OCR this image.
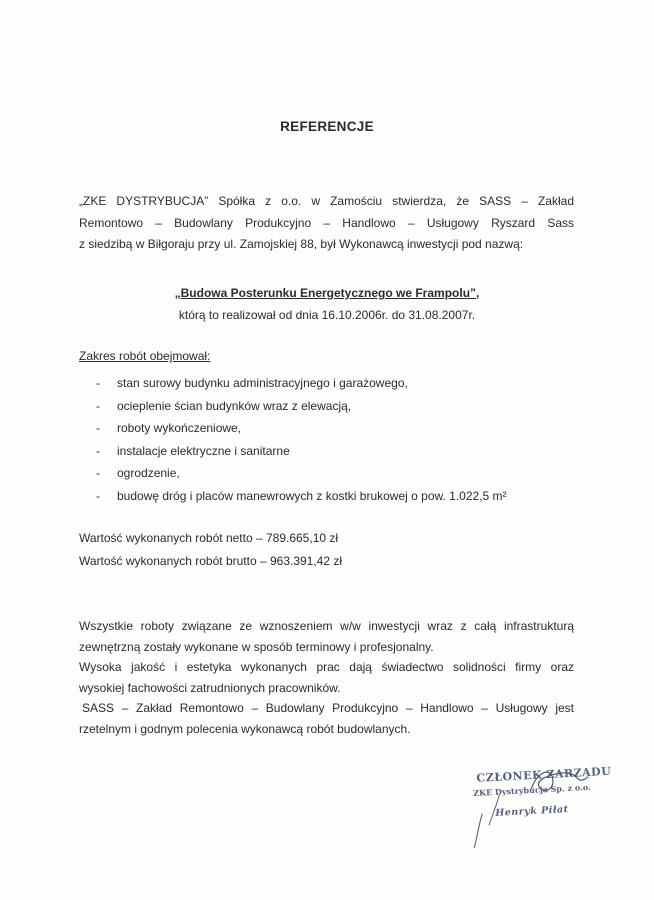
REFERENCJE
„ZKE DYSTRYBUCJA” Spółka z o.o. w Zamościu stwierdza, że SASS – Zakład
Remontowo – Budowlany Produkcyjno – Handlowo – Usługowy Ryszard Sass
z siedzibą w Biłgoraju przy ul. Zamojskiej 88, był Wykonawcą inwestycji pod nazwą:
„Budowa Posterunku Energetycznego we Frampolu”,
którą to realizował od dnia 16.10.2006r. do 31.08.2007r.
Zakres robót obejmował:
- stan surowy budynku administracyjnego i garażowego,
- ocieplenie ścian budynków wraz z elewacją,
- roboty wykończeniowe,
- instalacje elektryczne i sanitarne
- ogrodzenie,
- budowę dróg i placów manewrowych z kostki brukowej o pow. 1.022,5 m²
Wartość wykonanych robót netto – 789.665,10 zł
Wartość wykonanych robót brutto – 963.391,42 zł
Wszystkie roboty związane ze wznoszeniem w/w inwestycji wraz z całą infrastrukturą
zewnętrzną zostały wykonane w sposób terminowy i profesjonalny.
Wysoka jakość i estetyka wykonanych prac dają świadectwo solidności firmy oraz
wysokiej fachowości zatrudnionych pracowników.
SASS – Zakład Remontowo – Budowlany Produkcyjno – Handlowo – Usługowy jest
rzetelnym i godnym polecenia wykonawcą robót budowlanych.
CZŁONEK ZARZĄDU
ZKE Dystrybucja Sp. z o.o.
Henryk Piłat
